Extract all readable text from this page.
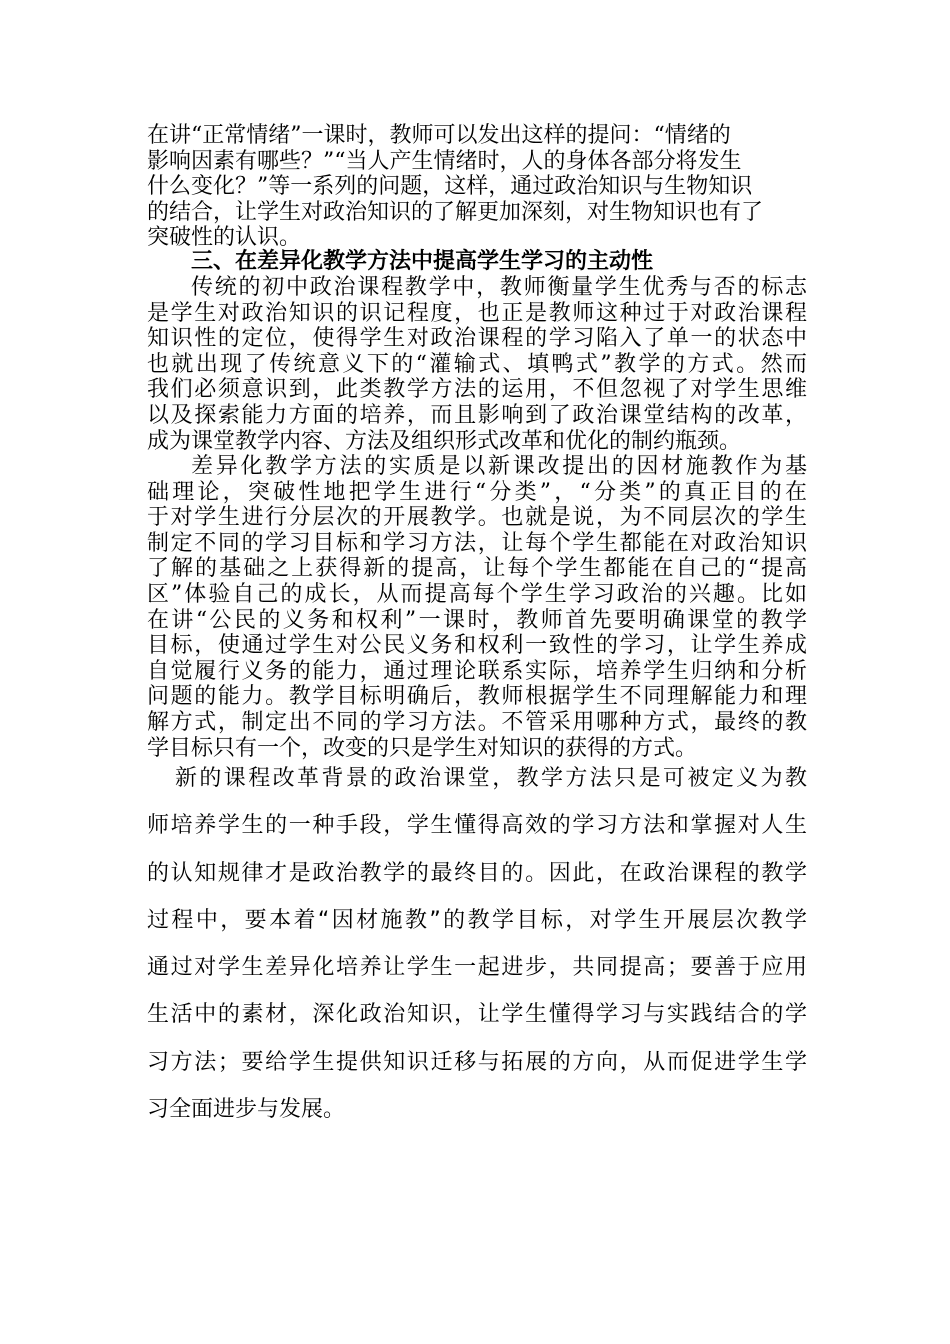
在讲“正常情绪”一课时，教师可以发出这样的提问：“情绪的
影响因素有哪些？”“当人产生情绪时，人的身体各部分将发生
什么变化？”等一系列的问题，这样，通过政治知识与生物知识
的结合，让学生对政治知识的了解更加深刻，对生物知识也有了
突破性的认识。
三、在差异化教学方法中提高学生学习的主动性
传统的初中政治课程教学中，教师衡量学生优秀与否的标志
是学生对政治知识的识记程度，也正是教师这种过于对政治课程
知识性的定位，使得学生对政治课程的学习陷入了单一的状态中
也就出现了传统意义下的“灌输式、填鸭式”教学的方式。然而
我们必须意识到，此类教学方法的运用，不但忽视了对学生思维
以及探索能力方面的培养，而且影响到了政治课堂结构的改革，
成为课堂教学内容、方法及组织形式改革和优化的制约瓶颈。
差异化教学方法的实质是以新课改提出的因材施教作为基
础理论，突破性地把学生进行“分类”，“分类”的真正目的在
于对学生进行分层次的开展教学。也就是说，为不同层次的学生
制定不同的学习目标和学习方法，让每个学生都能在对政治知识
了解的基础之上获得新的提高，让每个学生都能在自己的“提高
区”体验自己的成长，从而提高每个学生学习政治的兴趣。比如
在讲“公民的义务和权利”一课时，教师首先要明确课堂的教学
目标，使通过学生对公民义务和权利一致性的学习，让学生养成
自觉履行义务的能力，通过理论联系实际，培养学生归纳和分析
问题的能力。教学目标明确后，教师根据学生不同理解能力和理
解方式，制定出不同的学习方法。不管采用哪种方式，最终的教
学目标只有一个，改变的只是学生对知识的获得的方式。
新的课程改革背景的政治课堂，教学方法只是可被定义为教
师培养学生的一种手段，学生懂得高效的学习方法和掌握对人生
的认知规律才是政治教学的最终目的。因此，在政治课程的教学
过程中，要本着“因材施教”的教学目标，对学生开展层次教学
通过对学生差异化培养让学生一起进步，共同提高；要善于应用
生活中的素材，深化政治知识，让学生懂得学习与实践结合的学
习方法；要给学生提供知识迁移与拓展的方向，从而促进学生学
习全面进步与发展。
